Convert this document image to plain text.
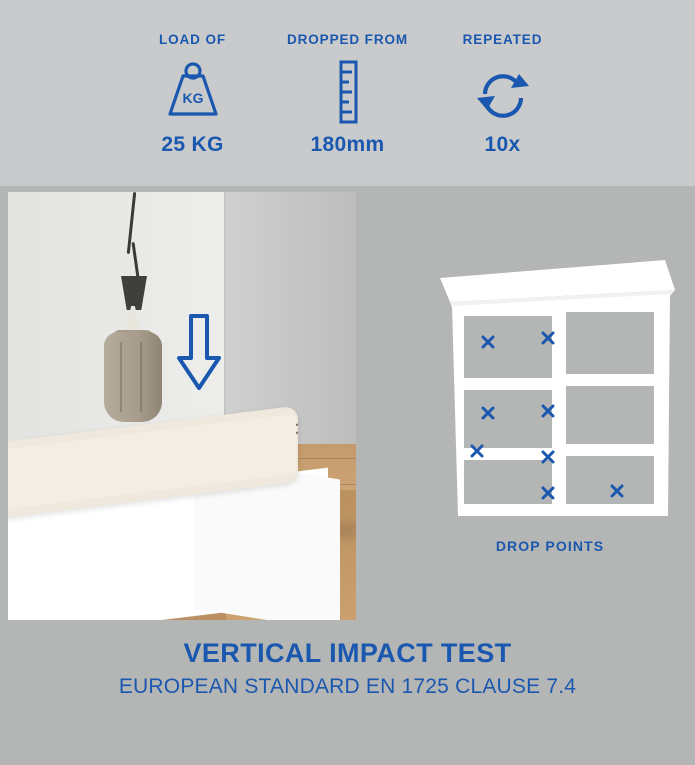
LOAD OF
KG
25 KG
DROPPED FROM
180mm
REPEATED
10x
DROP POINTS
VERTICAL IMPACT TEST
EUROPEAN STANDARD EN 1725 CLAUSE 7.4
